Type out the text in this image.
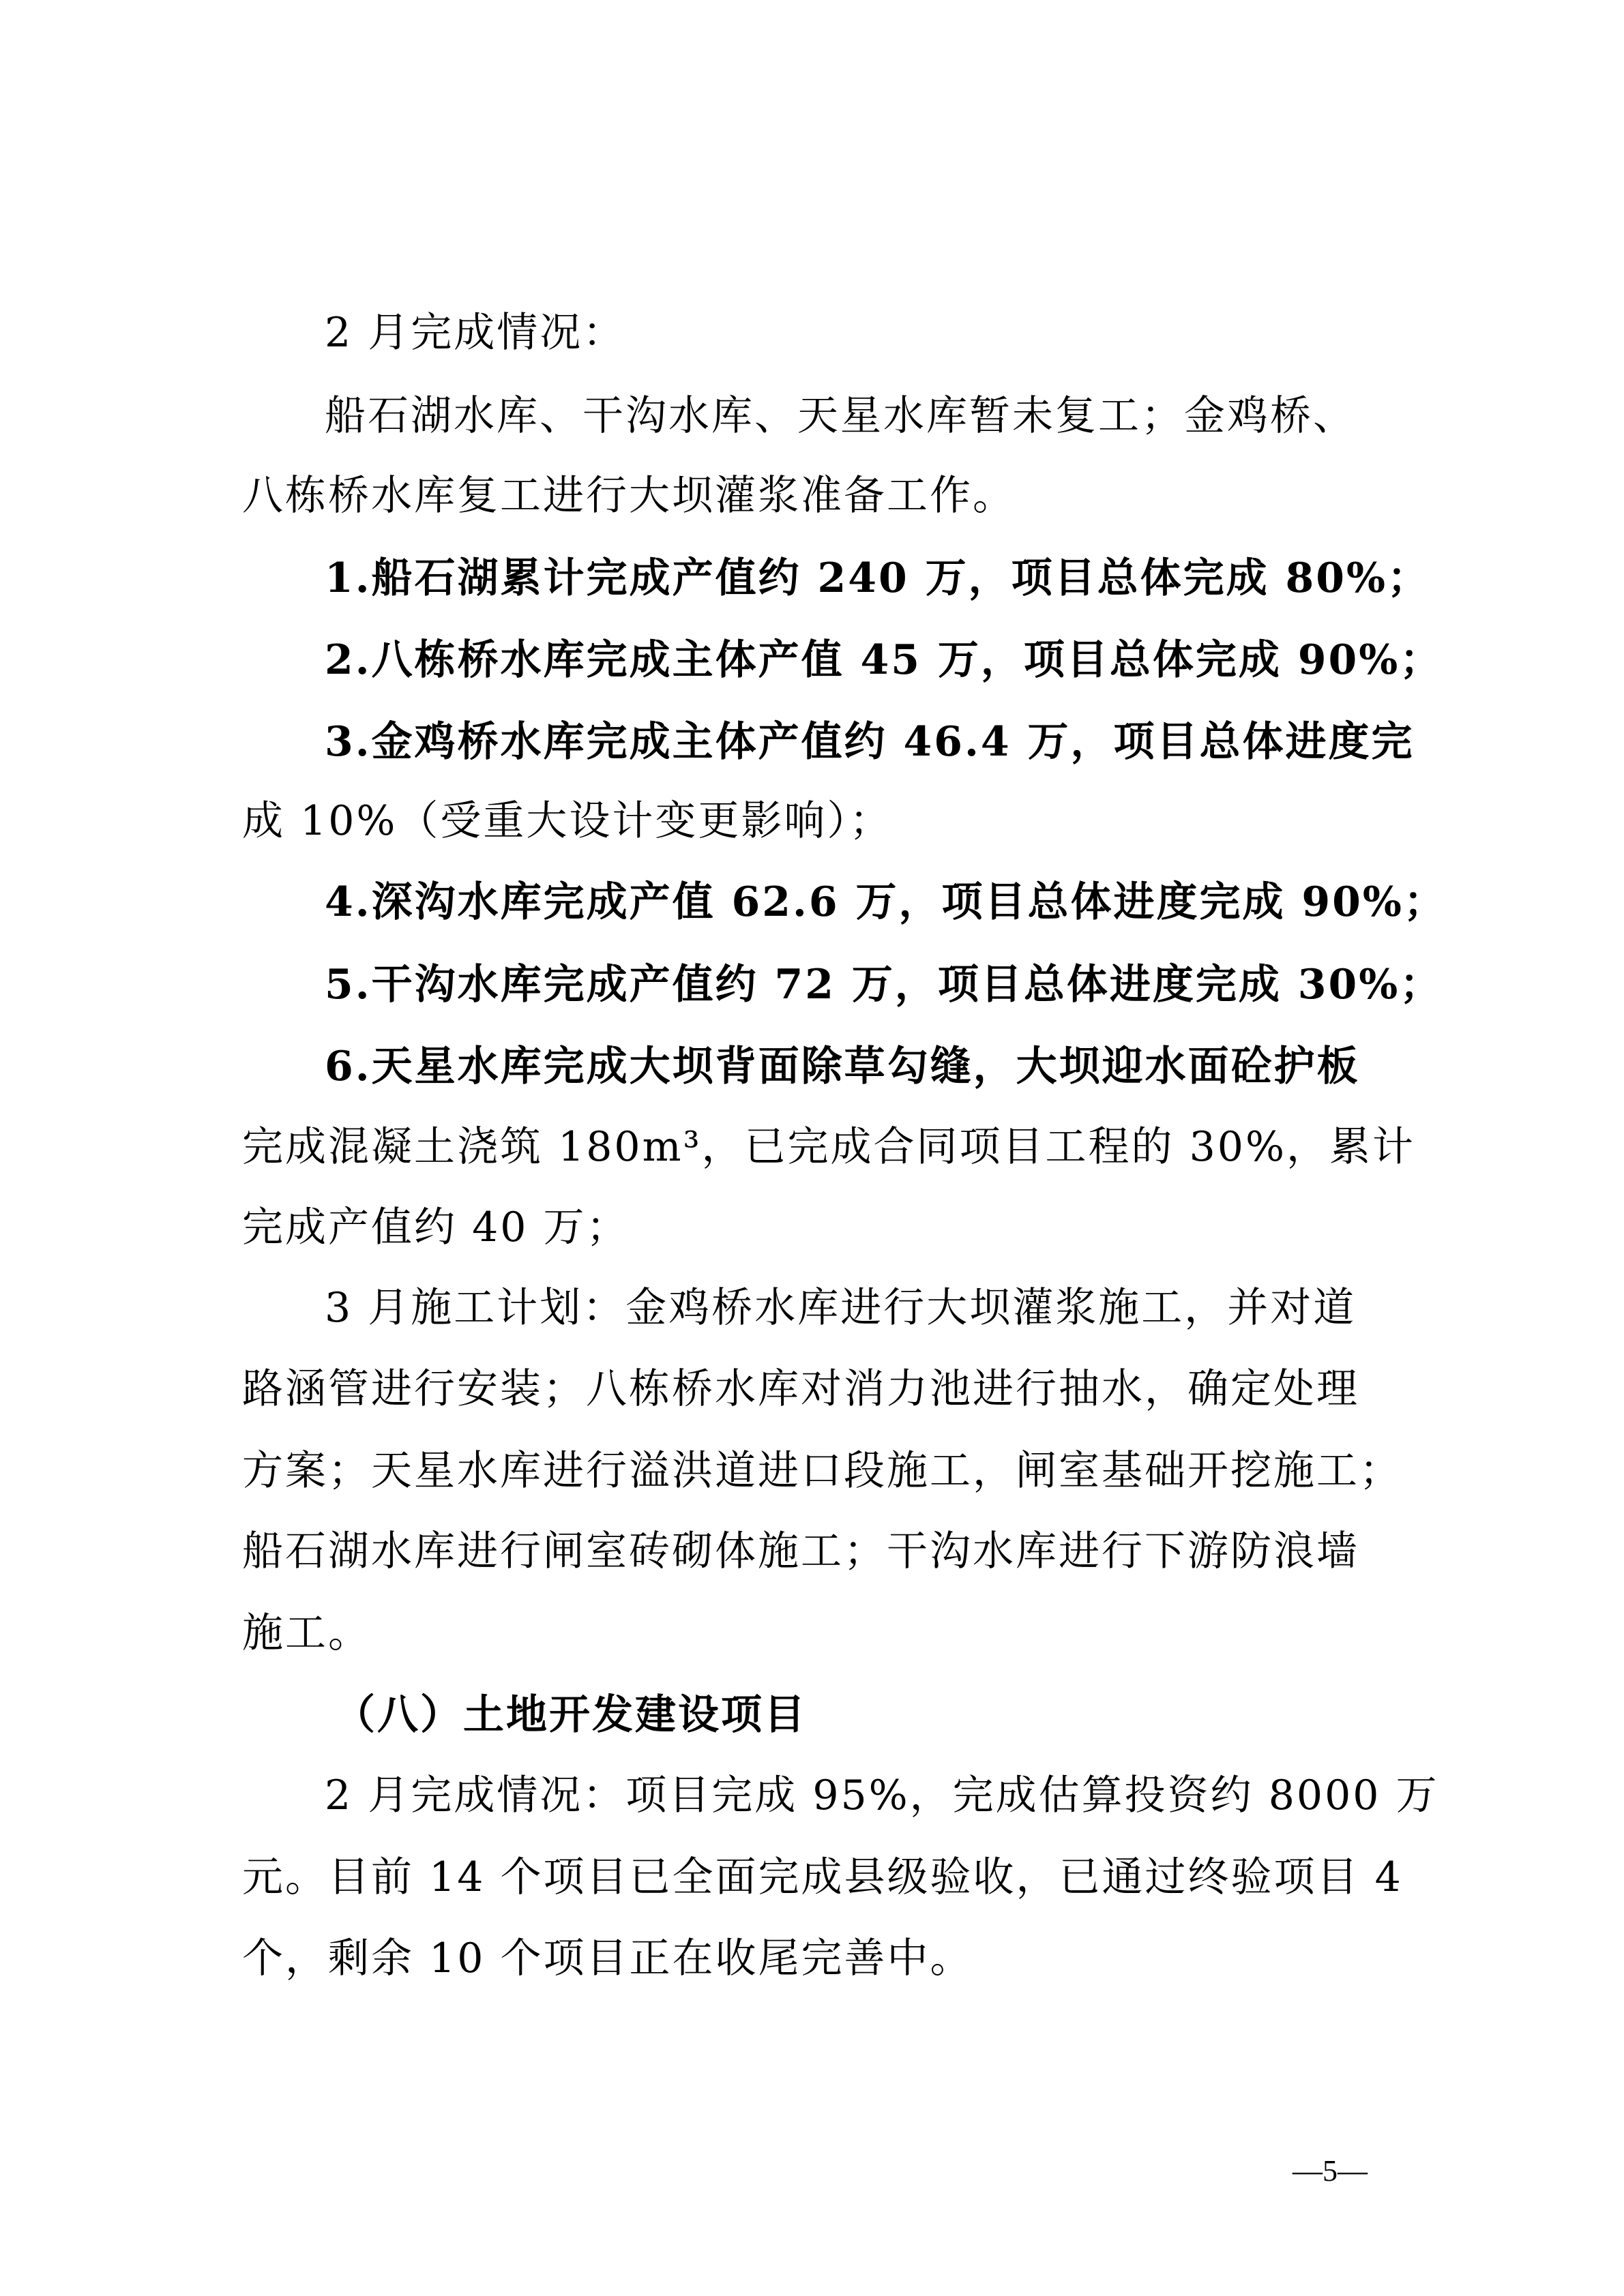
2 月完成情况：
船石湖水库、干沟水库、天星水库暂未复工；金鸡桥、
八栋桥水库复工进行大坝灌浆准备工作。
1.船石湖累计完成产值约 240 万，项目总体完成 80%；
2.八栋桥水库完成主体产值 45 万，项目总体完成 90%；
3.金鸡桥水库完成主体产值约 46.4 万，项目总体进度完
成 10%（受重大设计变更影响）；
4.深沟水库完成产值 62.6 万，项目总体进度完成 90%；
5.干沟水库完成产值约 72 万，项目总体进度完成 30%；
6.天星水库完成大坝背面除草勾缝，大坝迎水面砼护板
完成混凝土浇筑 180m³，已完成合同项目工程的 30%，累计
完成产值约 40 万；
3 月施工计划：金鸡桥水库进行大坝灌浆施工，并对道
路涵管进行安装；八栋桥水库对消力池进行抽水，确定处理
方案；天星水库进行溢洪道进口段施工，闸室基础开挖施工；
船石湖水库进行闸室砖砌体施工；干沟水库进行下游防浪墙
施工。
（八）土地开发建设项目
2 月完成情况：项目完成 95%，完成估算投资约 8000 万
元。目前 14 个项目已全面完成县级验收，已通过终验项目 4
个，剩余 10 个项目正在收尾完善中。
—5—
